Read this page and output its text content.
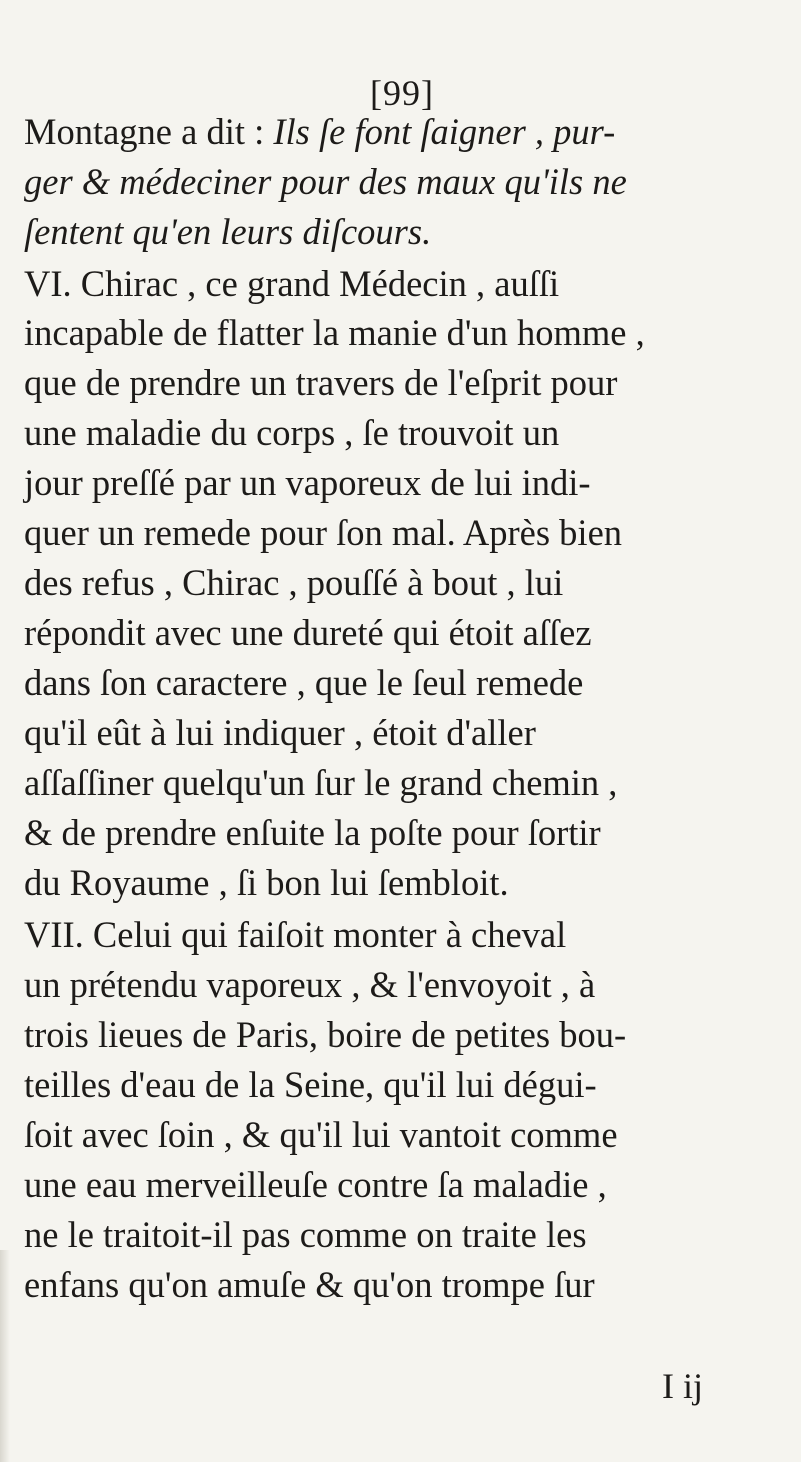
[99]
Montagne a dit : Ils ſe font ſaigner , pur-
ger & médeciner pour des maux qu'ils ne
ſentent qu'en leurs diſcours.
VI. Chirac , ce grand Médecin , auſſi
incapable de flatter la manie d'un homme ,
que de prendre un travers de l'eſprit pour
une maladie du corps , ſe trouvoit un
jour preſſé par un vaporeux de lui indi-
quer un remede pour ſon mal. Après bien
des refus , Chirac , pouſſé à bout , lui
répondit avec une dureté qui étoit aſſez
dans ſon caractere , que le ſeul remede
qu'il eût à lui indiquer , étoit d'aller
aſſaſſiner quelqu'un ſur le grand chemin ,
& de prendre enſuite la poſte pour ſortir
du Royaume , ſi bon lui ſembloit.
VII. Celui qui faiſoit monter à cheval
un prétendu vaporeux , & l'envoyoit , à
trois lieues de Paris, boire de petites bou-
teilles d'eau de la Seine, qu'il lui dégui-
ſoit avec ſoin , & qu'il lui vantoit comme
une eau merveilleuſe contre ſa maladie ,
ne le traitoit-il pas comme on traite les
enfans qu'on amuſe & qu'on trompe ſur
I ij
